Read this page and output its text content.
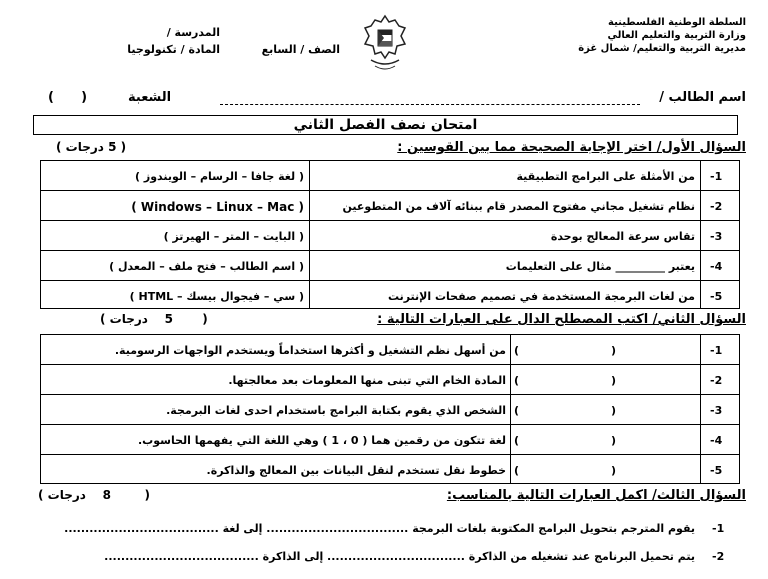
السلطة الوطنية الفلسطينية
وزارة التربية والتعليم العالي
مديرية التربية والتعليم/ شمال غزة
المدرسة /
المادة / تكنولوجيا	الصف / السابع
اسم الطالب /
الشعبة
(      )
امتحان نصف الفصل الثاني
السؤال الأول/ اختر الإجابة الصحيحة مما بين القوسين :
( 5 درجات )
-1
من الأمثلة على البرامج التطبيقية
( لغة جافا – الرسام – الويندوز )
-2
نظام تشغيل مجاني مفتوح المصدر قام ببنائه آلاف من المتطوعين
( Windows – Linux – Mac )
-3
تقاس سرعة المعالج بوحدة
( البايت – المتر – الهيرتز )
-4
يعتبر _________ مثال على التعليمات
( اسم الطالب – فتح ملف – المعدل )
-5
من لغات البرمجة المستخدمة في تصميم صفحات الإنترنت
( سي – فيجوال بيسك – HTML )
السؤال الثاني/ اكتب المصطلح الدال على العبارات التالية :
(       5    درجات )
-1
(                        )
من أسهل نظم التشغيل و أكثرها استخداماً ويستخدم الواجهات الرسومية.
-2
(                        )
المادة الخام التي تبنى منها المعلومات بعد معالجتها.
-3
(                        )
الشخص الذي يقوم بكتابة البرامج باستخدام احدى لغات البرمجة.
-4
(                        )
لغة تتكون من رقمين هما ( 0 ، 1 ) وهي اللغة التي يفهمها الحاسوب.
-5
(                        )
خطوط نقل تستخدم لنقل البيانات بين المعالج والذاكرة.
السؤال الثالث/ اكمل العبارات التالية بالمناسب:
(        8    درجات )
-1
يقوم المترجم بتحويل البرامج المكتوبة بلغات البرمجة .................................. إلى لغة .....................................
-2
يتم تحميل البرنامج عند تشغيله من الذاكرة ................................. إلى الذاكرة .....................................
